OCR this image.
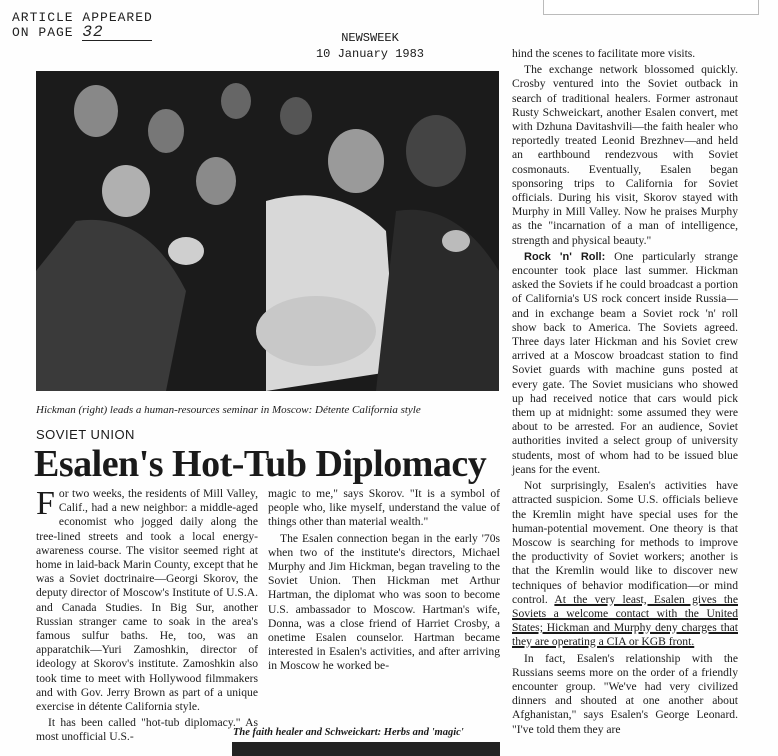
ARTICLE APPEARED
ON PAGE 32	NEWSWEEK
10 January 1983
Hickman (right) leads a human-resources seminar in Moscow: Détente California style
SOVIET UNION
Esalen's Hot-Tub Diplomacy

For two weeks, the residents of Mill Valley, Calif., had a new neighbor: a middle-aged economist who jogged daily along the tree-lined streets and took a local energy-awareness course. The visitor seemed right at home in laid-back Marin County, except that he was a Soviet doctrinaire—Georgi Skorov, the deputy director of Moscow's Institute of U.S.A. and Canada Studies. In Big Sur, another Russian stranger came to soak in the area's famous sulfur baths. He, too, was an apparatchik—Yuri Zamoshkin, director of ideology at Skorov's institute. Zamoshkin also took time to meet with Hollywood filmmakers and with Gov. Jerry Brown as part of a unique exercise in détente California style.

It has been called "hot-tub diplomacy." As most unofficial U.S.-

magic to me," says Skorov. "It is a symbol of people who, like myself, understand the value of things other than material wealth."

The Esalen connection began in the early '70s when two of the institute's directors, Michael Murphy and Jim Hickman, began traveling to the Soviet Union. Then Hickman met Arthur Hartman, the diplomat who was soon to become U.S. ambassador to Moscow. Hartman's wife, Donna, was a close friend of Harriet Crosby, a onetime Esalen counselor. Hartman became interested in Esalen's activities, and after arriving in Moscow he worked be-

The faith healer and Schweickart: Herbs and 'magic'

hind the scenes to facilitate more visits.

The exchange network blossomed quickly. Crosby ventured into the Soviet outback in search of traditional healers. Former astronaut Rusty Schweickart, another Esalen convert, met with Dzhuna Davitashvili—the faith healer who reportedly treated Leonid Brezhnev—and held an earthbound rendezvous with Soviet cosmonauts. Eventually, Esalen began sponsoring trips to California for Soviet officials. During his visit, Skorov stayed with Murphy in Mill Valley. Now he praises Murphy as the "incarnation of a man of intelligence, strength and physical beauty."

Rock 'n' Roll: One particularly strange encounter took place last summer. Hickman asked the Soviets if he could broadcast a portion of California's US rock concert inside Russia—and in exchange beam a Soviet rock 'n' roll show back to America. The Soviets agreed. Three days later Hickman and his Soviet crew arrived at a Moscow broadcast station to find Soviet guards with machine guns posted at every gate. The Soviet musicians who showed up had received notice that cars would pick them up at midnight: some assumed they were about to be arrested. For an audience, Soviet authorities invited a select group of university students, most of whom had to be issued blue jeans for the event.

Not surprisingly, Esalen's activities have attracted suspicion. Some U.S. officials believe the Kremlin might have special uses for the human-potential movement. One theory is that Moscow is searching for methods to improve the productivity of Soviet workers; another is that the Kremlin would like to discover new techniques of behavior modification—or mind control. At the very least, Esalen gives the Soviets a welcome contact with the United States; Hickman and Murphy deny charges that they are operating a CIA or KGB front.

In fact, Esalen's relationship with the Russians seems more on the order of a friendly encounter group. "We've had very civilized dinners and shouted at one another about Afghanistan," says Esalen's George Leonard. "I've told them they are
